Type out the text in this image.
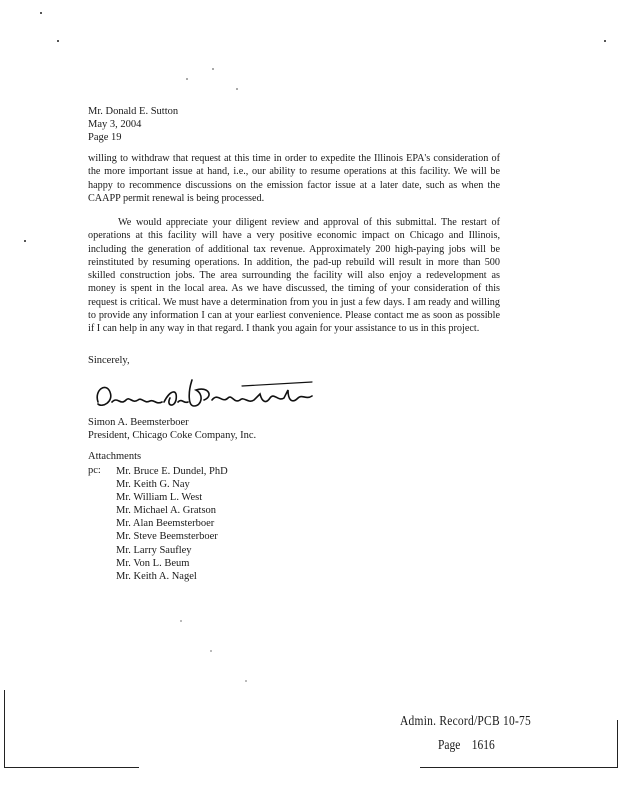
Mr. Donald E. Sutton
May 3, 2004
Page 19
willing to withdraw that request at this time in order to expedite the Illinois EPA's consideration of the more important issue at hand, i.e., our ability to resume operations at this facility. We will be happy to recommence discussions on the emission factor issue at a later date, such as when the CAAPP permit renewal is being processed.
We would appreciate your diligent review and approval of this submittal. The restart of operations at this facility will have a very positive economic impact on Chicago and Illinois, including the generation of additional tax revenue. Approximately 200 high-paying jobs will be reinstituted by resuming operations. In addition, the pad-up rebuild will result in more than 500 skilled construction jobs. The area surrounding the facility will also enjoy a redevelopment as money is spent in the local area. As we have discussed, the timing of your consideration of this request is critical. We must have a determination from you in just a few days. I am ready and willing to provide any information I can at your earliest convenience. Please contact me as soon as possible if I can help in any way in that regard. I thank you again for your assistance to us in this project.
Sincerely,
Simon A. Beemsterboer
President, Chicago Coke Company, Inc.
Attachments
pc: Mr. Bruce E. Dundel, PhD
Mr. Keith G. Nay
Mr. William L. West
Mr. Michael A. Gratson
Mr. Alan Beemsterboer
Mr. Steve Beemsterboer
Mr. Larry Saufley
Mr. Von L. Beum
Mr. Keith A. Nagel
Admin. Record/PCB 10-75
Page 1616
